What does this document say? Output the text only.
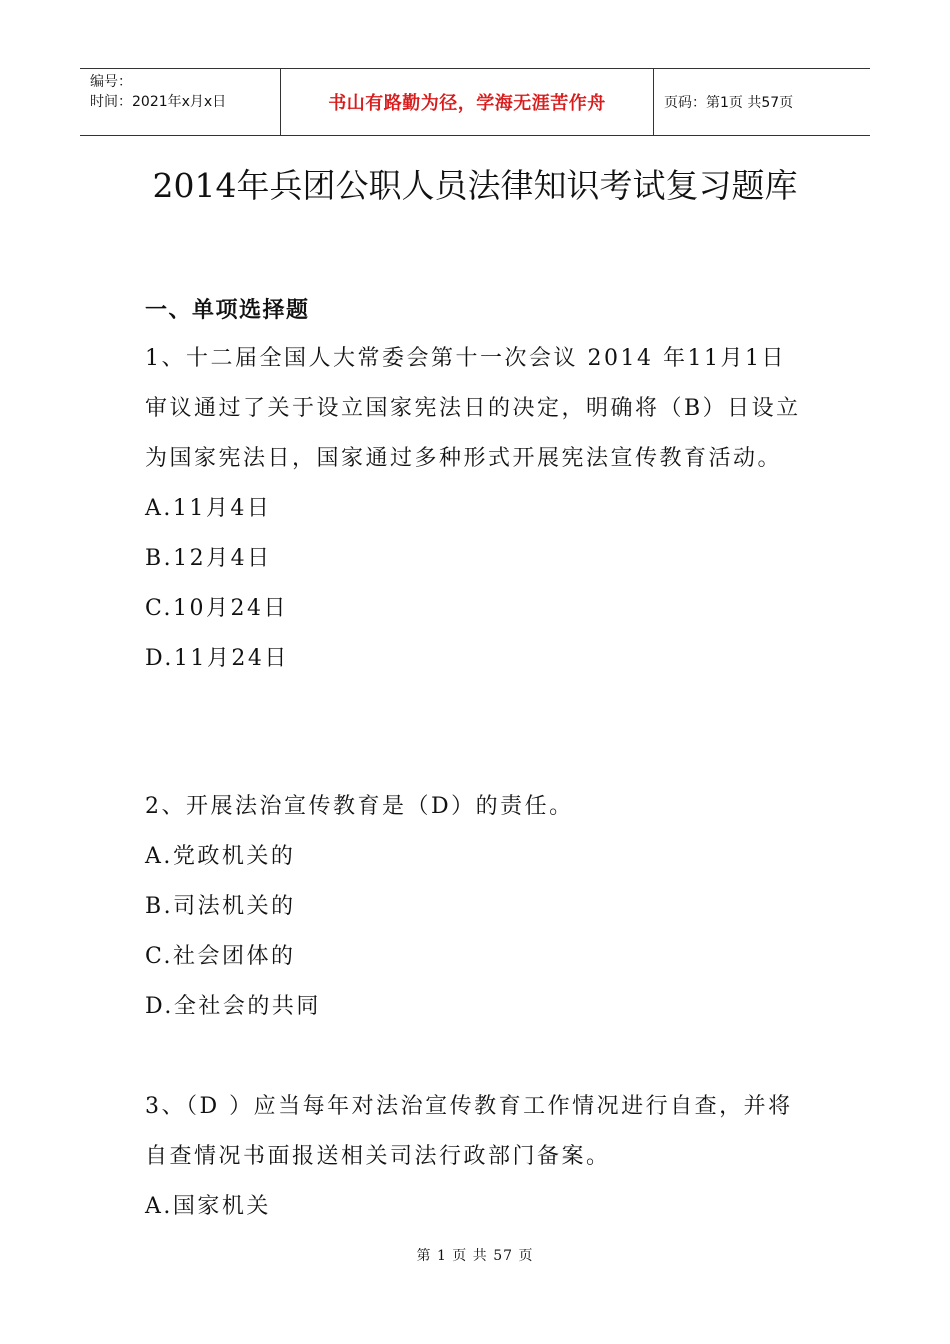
编号：
时间：2021年x月x日	书山有路勤为径，学海无涯苦作舟	页码：第1页 共57页
2014年兵团公职人员法律知识考试复习题库
一、单项选择题

1、十二届全国人大常委会第十一次会议 2014 年11月1日审议通过了关于设立国家宪法日的决定，明确将（B）日设立为国家宪法日，国家通过多种形式开展宪法宣传教育活动。

A.11月4日

B.12月4日

C.10月24日

D.11月24日

2、开展法治宣传教育是（D）的责任。

A.党政机关的

B.司法机关的

C.社会团体的

D.全社会的共同

3、（D ）应当每年对法治宣传教育工作情况进行自查，并将自查情况书面报送相关司法行政部门备案。

A.国家机关

第 1 页 共 57 页
